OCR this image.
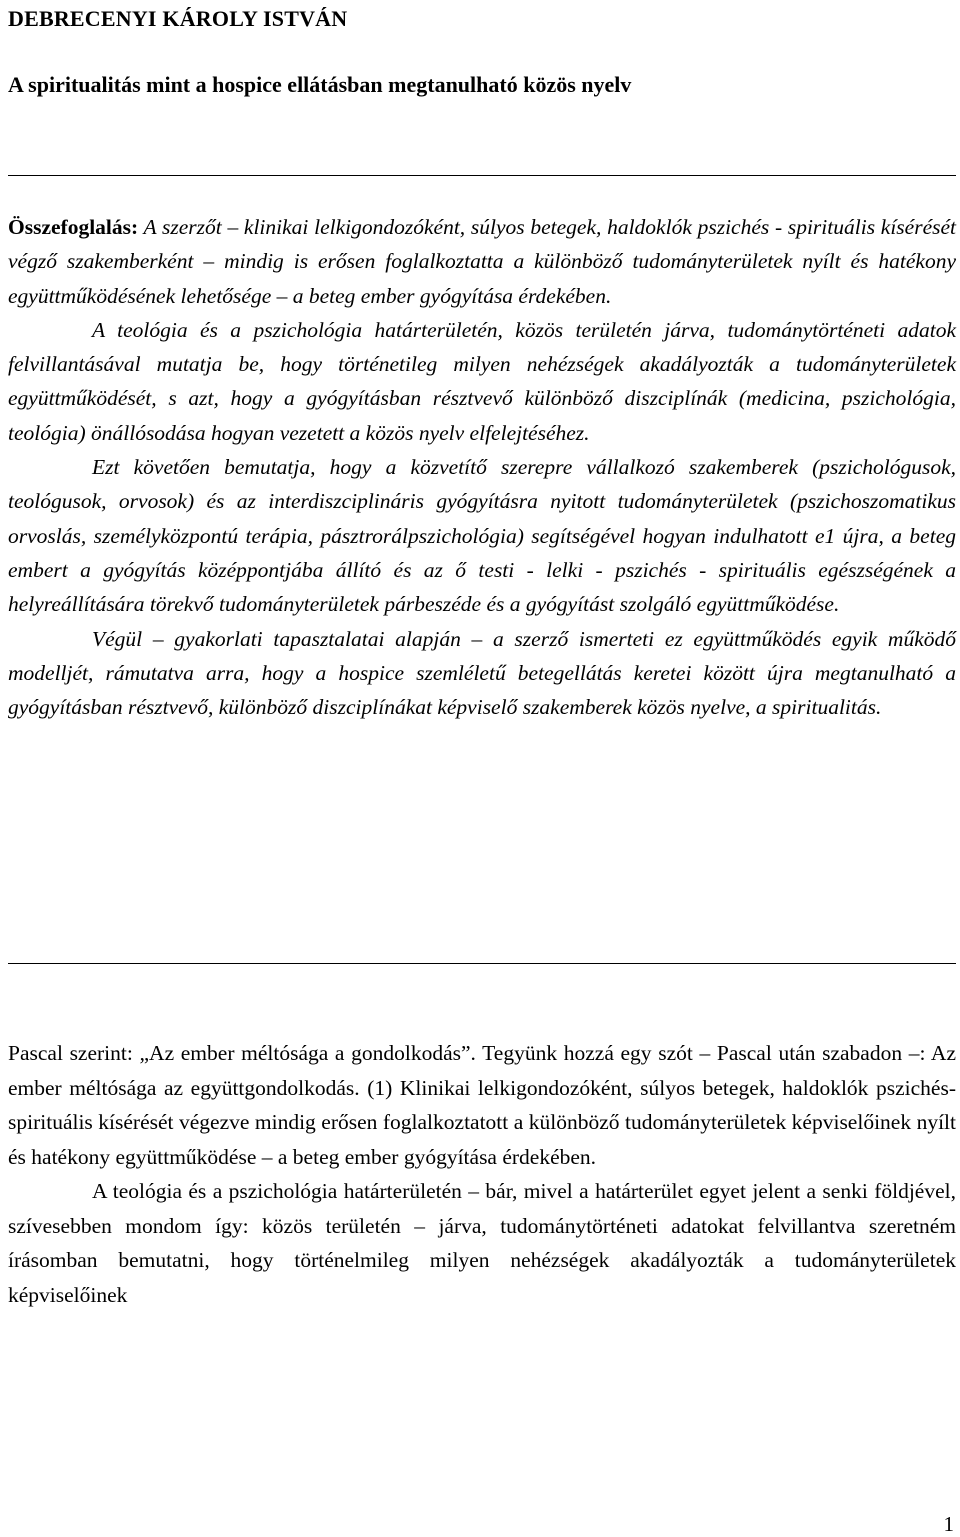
DEBRECENYI KÁROLY ISTVÁN
A spiritualitás mint a hospice ellátásban megtanulható közös nyelv

Összefoglalás: A szerzőt – klinikai lelkigondozóként, súlyos betegek, haldoklók pszichés - spirituális kísérését végző szakemberként – mindig is erősen foglalkoztatta a különböző tudományterületek nyílt és hatékony együttműködésének lehetősége – a beteg ember gyógyítása érdekében.

A teológia és a pszichológia határterületén, közös területén járva, tudománytörténeti adatok felvillantásával mutatja be, hogy történetileg milyen nehézségek akadályozták a tudományterületek együttműködését, s azt, hogy a gyógyításban résztvevő különböző diszciplínák (medicina, pszichológia, teológia) önállósodása hogyan vezetett a közös nyelv elfelejtéséhez.

Ezt követően bemutatja, hogy a közvetítő szerepre vállalkozó szakemberek (pszichológusok, teológusok, orvosok) és az interdiszciplináris gyógyításra nyitott tudományterületek (pszichoszomatikus orvoslás, személyközpontú terápia, pásztrorálpszichológia) segítségével hogyan indulhatott e1 újra, a beteg embert a gyógyítás középpontjába állító és az ő testi - lelki - pszichés - spirituális egészségének a helyreállítására törekvő tudományterületek párbeszéde és a gyógyítást szolgáló együttműködése.

Végül – gyakorlati tapasztalatai alapján – a szerző ismerteti ez együttműködés egyik működő modelljét, rámutatva arra, hogy a hospice szemléletű betegellátás keretei között újra megtanulható a gyógyításban résztvevő, különböző diszciplínákat képviselő szakemberek közös nyelve, a spiritualitás.

Pascal szerint: „Az ember méltósága a gondolkodás”. Tegyünk hozzá egy szót – Pascal után szabadon –: Az ember méltósága az együttgondolkodás. (1) Klinikai lelkigondozóként, súlyos betegek, haldoklók pszichés-spirituális kísérését végezve mindig erősen foglalkoztatott a különböző tudományterületek képviselőinek nyílt és hatékony együttműködése – a beteg ember gyógyítása érdekében.

A teológia és a pszichológia határterületén – bár, mivel a határterület egyet jelent a senki földjével, szívesebben mondom így: közös területén – járva, tudománytörténeti adatokat felvillantva szeretném írásomban bemutatni, hogy történelmileg milyen nehézségek akadályozták a tudományterületek képviselőinek

1
